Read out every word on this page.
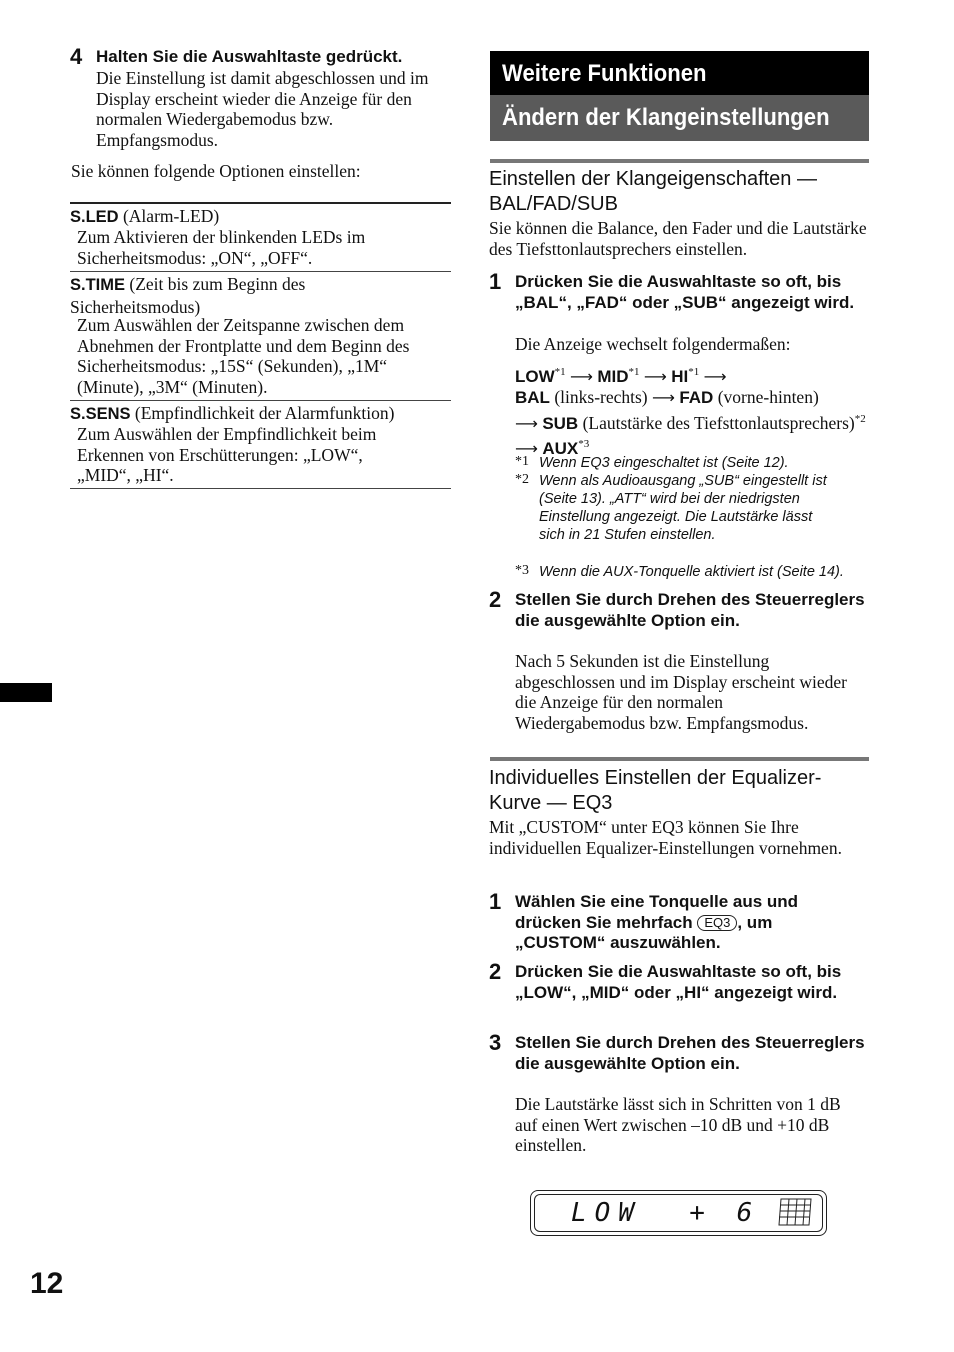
4 Halten Sie die Auswahltaste gedrückt.
Die Einstellung ist damit abgeschlossen und im Display erscheint wieder die Anzeige für den normalen Wiedergabemodus bzw. Empfangsmodus.
Sie können folgende Optionen einstellen:
S.LED (Alarm-LED)
Zum Aktivieren der blinkenden LEDs im Sicherheitsmodus: „ON“, „OFF“.
S.TIME (Zeit bis zum Beginn des Sicherheitsmodus)
Zum Auswählen der Zeitspanne zwischen dem Abnehmen der Frontplatte und dem Beginn des Sicherheitsmodus: „15S“ (Sekunden), „1M“ (Minute), „3M“ (Minuten).
S.SENS (Empfindlichkeit der Alarmfunktion)
Zum Auswählen der Empfindlichkeit beim Erkennen von Erschütterungen: „LOW“, „MID“, „HI“.
12
Weitere Funktionen
Ändern der Klangeinstellungen
Einstellen der Klangeigenschaften — BAL/FAD/SUB
Sie können die Balance, den Fader und die Lautstärke des Tiefsttonlautsprechers einstellen.
1 Drücken Sie die Auswahltaste so oft, bis „BAL“, „FAD“ oder „SUB“ angezeigt wird.
Die Anzeige wechselt folgendermaßen:
LOW$^{*1}$ ⟶ MID$^{*1}$ ⟶ HI$^{*1}$ ⟶
BAL (links-rechts) ⟶ FAD (vorne-hinten)
⟶ SUB (Lautstärke des Tiefsttonlautsprechers)$^{*2}$ ⟶ AUX$^{*3}$
*1 Wenn EQ3 eingeschaltet ist (Seite 12).
*2 Wenn als Audioausgang „SUB“ eingestellt ist (Seite 13). „ATT“ wird bei der niedrigsten Einstellung angezeigt. Die Lautstärke lässt sich in 21 Stufen einstellen.
*3 Wenn die AUX-Tonquelle aktiviert ist (Seite 14).
2 Stellen Sie durch Drehen des Steuerreglers die ausgewählte Option ein.
Nach 5 Sekunden ist die Einstellung abgeschlossen und im Display erscheint wieder die Anzeige für den normalen Wiedergabemodus bzw. Empfangsmodus.
Individuelles Einstellen der Equalizer-Kurve — EQ3
Mit „CUSTOM“ unter EQ3 können Sie Ihre individuellen Equalizer-Einstellungen vornehmen.
1 Wählen Sie eine Tonquelle aus und drücken Sie mehrfach EQ3 , um „CUSTOM“ auszuwählen.
2 Drücken Sie die Auswahltaste so oft, bis „LOW“, „MID“ oder „HI“ angezeigt wird.
3 Stellen Sie durch Drehen des Steuerreglers die ausgewählte Option ein.
Die Lautstärke lässt sich in Schritten von 1 dB auf einen Wert zwischen –10 dB und +10 dB einstellen.
LOW  + 6
